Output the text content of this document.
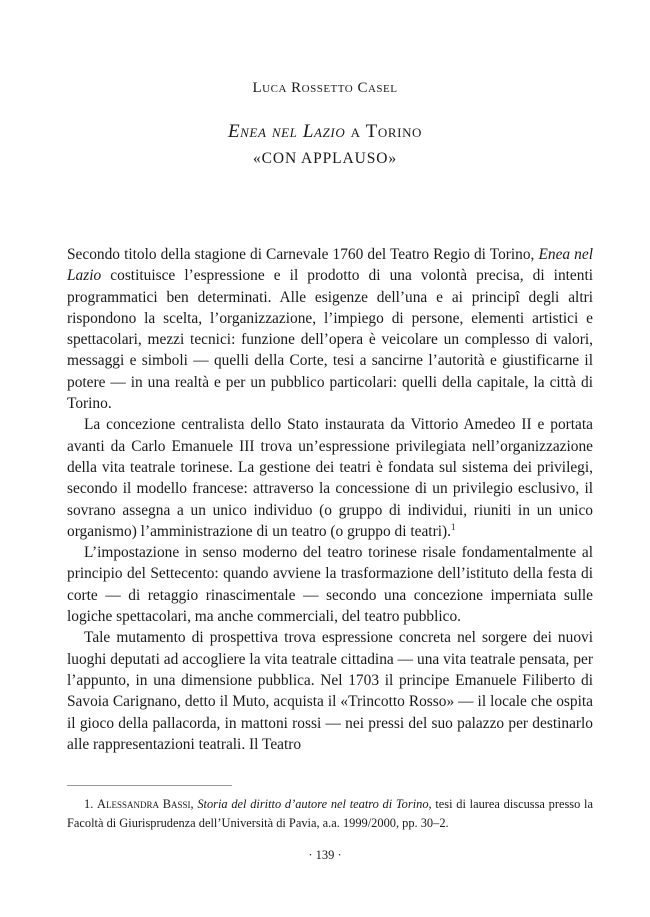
Luca Rossetto Casel
Enea nel Lazio a Torino
«CON APPLAUSO»

Secondo titolo della stagione di Carnevale 1760 del Teatro Regio di Torino, Enea nel Lazio costituisce l’espressione e il prodotto di una volontà precisa, di intenti programmatici ben determinati. Alle esigenze dell’una e ai principî degli altri rispondono la scelta, l’organizzazione, l’impiego di persone, elementi artistici e spettacolari, mezzi tecnici: funzione dell’opera è veicolare un complesso di valori, messaggi e simboli — quelli della Corte, tesi a sancirne l’autorità e giustificarne il potere — in una realtà e per un pubblico particolari: quelli della capitale, la città di Torino.

La concezione centralista dello Stato instaurata da Vittorio Amedeo II e portata avanti da Carlo Emanuele III trova un’espressione privilegiata nell’organizzazione della vita teatrale torinese. La gestione dei teatri è fondata sul sistema dei privilegi, secondo il modello francese: attraverso la concessione di un privilegio esclusivo, il sovrano assegna a un unico individuo (o gruppo di individui, riuniti in un unico organismo) l’amministrazione di un teatro (o gruppo di teatri).$^1$

L’impostazione in senso moderno del teatro torinese risale fondamentalmente al principio del Settecento: quando avviene la trasformazione dell’istituto della festa di corte — di retaggio rinascimentale — secondo una concezione imperniata sulle logiche spettacolari, ma anche commerciali, del teatro pubblico.

Tale mutamento di prospettiva trova espressione concreta nel sorgere dei nuovi luoghi deputati ad accogliere la vita teatrale cittadina — una vita teatrale pensata, per l’appunto, in una dimensione pubblica. Nel 1703 il principe Emanuele Filiberto di Savoia Carignano, detto il Muto, acquista il «Trincotto Rosso» — il locale che ospita il gioco della pallacorda, in mattoni rossi — nei pressi del suo palazzo per destinarlo alle rappresentazioni teatrali. Il Teatro

1. Alessandra Bassi, Storia del diritto d’autore nel teatro di Torino, tesi di laurea discussa presso la Facoltà di Giurisprudenza dell’Università di Pavia, a.a. 1999/2000, pp. 30–2.

· 139 ·
